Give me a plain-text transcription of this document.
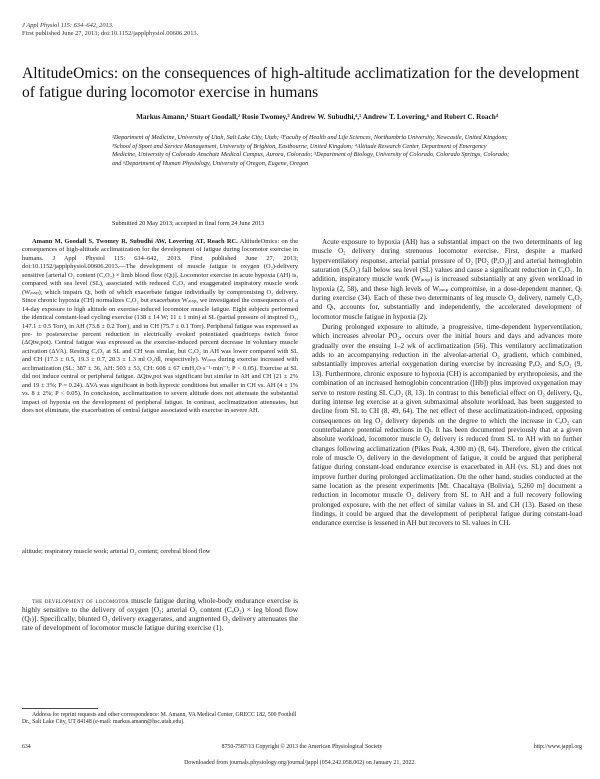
J Appl Physiol 115: 634–642, 2013.
First published June 27, 2013; doi:10.1152/japplphysiol.00606.2013.
AltitudeOmics: on the consequences of high-altitude acclimatization for the development of fatigue during locomotor exercise in humans
Markus Amann,¹ Stuart Goodall,² Rosie Twomey,³ Andrew W. Subudhi,⁴,⁵ Andrew T. Lovering,⁶ and Robert C. Roach⁴
¹Department of Medicine, University of Utah, Salt Lake City, Utah; ²Faculty of Health and Life Sciences, Northumbria University, Newcastle, United Kingdom; ³School of Sport and Service Management, University of Brighton, Eastbourne, United Kingdom; ⁴Altitude Research Center, Department of Emergency Medicine, University of Colorado Anschutz Medical Campus, Aurora, Colorado; ⁵Department of Biology, University of Colorado, Colorado Springs, Colorado; and ⁶Department of Human Physiology, University of Oregon, Eugene, Oregon
Submitted 20 May 2013; accepted in final form 24 June 2013

Amann M, Goodall S, Twomey R, Subudhi AW, Lovering AT, Roach RC. AltitudeOmics: on the consequences of high-altitude acclimatization for the development of fatigue during locomotor exercise in humans. J Appl Physiol 115: 634–642, 2013. First published June 27, 2013; doi:10.1152/japplphysiol.00606.2013.—The development of muscle fatigue is oxygen (O₂)-delivery sensitive [arterial O₂ content (CₐO₂) × limb blood flow (Qₗ)]. Locomotor exercise in acute hypoxia (AH) is, compared with sea level (SL), associated with reduced CₐO₂ and exaggerated inspiratory muscle work (Wᵢₙₛₚ), which impairs Qₗ, both of which exacerbate fatigue individually by compromising O₂ delivery. Since chronic hypoxia (CH) normalizes CₐO₂ but exacerbates Wᵢₙₛₚ, we investigated the consequences of a 14-day exposure to high altitude on exercise-induced locomotor muscle fatigue. Eight subjects performed the identical constant-load cycling exercise (138 ± 14 W; 11 ± 1 min) at SL (partial pressure of inspired O₂, 147.1 ± 0.5 Torr), in AH (73.8 ± 0.2 Torr), and in CH (75.7 ± 0.1 Torr). Peripheral fatigue was expressed as pre- to postexercise percent reduction in electrically evoked potentiated quadriceps twitch force (ΔQtw,pot). Central fatigue was expressed as the exercise-induced percent decrease in voluntary muscle activation (ΔVA). Resting CₐO₂ at SL and CH was similar, but CₐO₂ in AH was lower compared with SL and CH (17.3 ± 0.5, 19.3 ± 0.7, 20.3 ± 1.3 ml O₂/dl, respectively). Wᵢₙₛₚ during exercise increased with acclimatization (SL: 387 ± 36, AH: 503 ± 53, CH: 608 ± 67 cmH₂O·s⁻¹·min⁻¹; P < 0.05). Exercise at SL did not induce central or peripheral fatigue. ΔQtw,pot was significant but similar in AH and CH (21 ± 2% and 19 ± 3%; P = 0.24). ΔVA was significant in both hypoxic conditions but smaller in CH vs. AH (4 ± 1% vs. 8 ± 2%; P < 0.05). In conclusion, acclimatization to severe altitude does not attenuate the substantial impact of hypoxia on the development of peripheral fatigue. In contrast, acclimatization attenuates, but does not eliminate, the exacerbation of central fatigue associated with exercise in severe AH.

altitude; respiratory muscle work; arterial O₂ content; cerebral blood flow

the development of locomotor muscle fatigue during whole-body endurance exercise is highly sensitive to the delivery of oxygen [O₂; arterial O₂ content (CₐO₂) × leg blood flow (Qₗ)]. Specifically, blunted O₂ delivery exaggerates, and augmented O₂ delivery attenuates the rate of development of locomotor muscle fatigue during exercise (1).

Acute exposure to hypoxia (AH) has a substantial impact on the two determinants of leg muscle O₂ delivery during strenuous locomotor exercise. First, despite a marked hyperventilatory response, arterial partial pressure of O₂ [PO₂ (PₐO₂)] and arterial hemoglobin saturation (SₐO₂) fall below sea level (SL) values and cause a significant reduction in CₐO₂. In addition, inspiratory muscle work (Wᵢₙₛₚ) is increased substantially at any given workload in hypoxia (2, 58), and these high levels of Wᵢₙₛₚ compromise, in a dose-dependent manner, Qₗ during exercise (34). Each of these two determinants of leg muscle O₂ delivery, namely CₐO₂ and Qₗ, accounts for, substantially and independently, the accelerated development of locomotor muscle fatigue in hypoxia (2).

During prolonged exposure to altitude, a progressive, time-dependent hyperventilation, which increases alveolar PO₂, occurs over the initial hours and days and advances more gradually over the ensuing 1–2 wk of acclimatization (56). This ventilatory acclimatization adds to an accompanying reduction in the alveolar-arterial O₂ gradient, which combined, substantially improves arterial oxygenation during exercise by increasing PₐO₂ and SₐO₂ (9, 13). Furthermore, chronic exposure to hypoxia (CH) is accompanied by erythropoiesis, and the combination of an increased hemoglobin concentration ([Hb]) plus improved oxygenation may serve to restore resting SL CₐO₂ (8, 13). In contrast to this beneficial effect on O₂ delivery, Qₗ, during intense leg exercise at a given submaximal absolute workload, has been suggested to decline from SL to CH (8, 49, 64). The net effect of these acclimatization-induced, opposing consequences on leg O₂ delivery depends on the degree to which the increase in CₐO₂ can counterbalance potential reductions in Qₗ. It has been documented previously that at a given absolute workload, locomotor muscle O₂ delivery is reduced from SL to AH with no further changes following acclimatization (Pikes Peak, 4,300 m) (8, 64). Therefore, given the critical role of muscle O₂ delivery in the development of fatigue, it could be argued that peripheral fatigue during constant-load endurance exercise is exacerbated in AH (vs. SL) and does not improve further during prolonged acclimatization. On the other hand, studies conducted at the same location as the present experiments [Mt. Chacaltaya (Bolivia), 5,260 m] document a reduction in locomotor muscle O₂ delivery from SL to AH and a full recovery following prolonged exposure, with the net effect of similar values in SL and CH (13). Based on these findings, it could be argued that the development of peripheral fatigue during constant-load endurance exercise is lessened in AH but recovers to SL values in CH.

Address for reprint requests and other correspondence: M. Amann, VA Medical Center, GRECC 182, 500 Foothill Dr., Salt Lake City, UT 84148 (e-mail: markus.amann@hsc.utah.edu).

634	8750-7587/13 Copyright © 2013 the American Physiological Society	http://www.jappl.org
Downloaded from journals.physiology.org/journal/jappl (054.242.058.002) on January 21, 2022.
